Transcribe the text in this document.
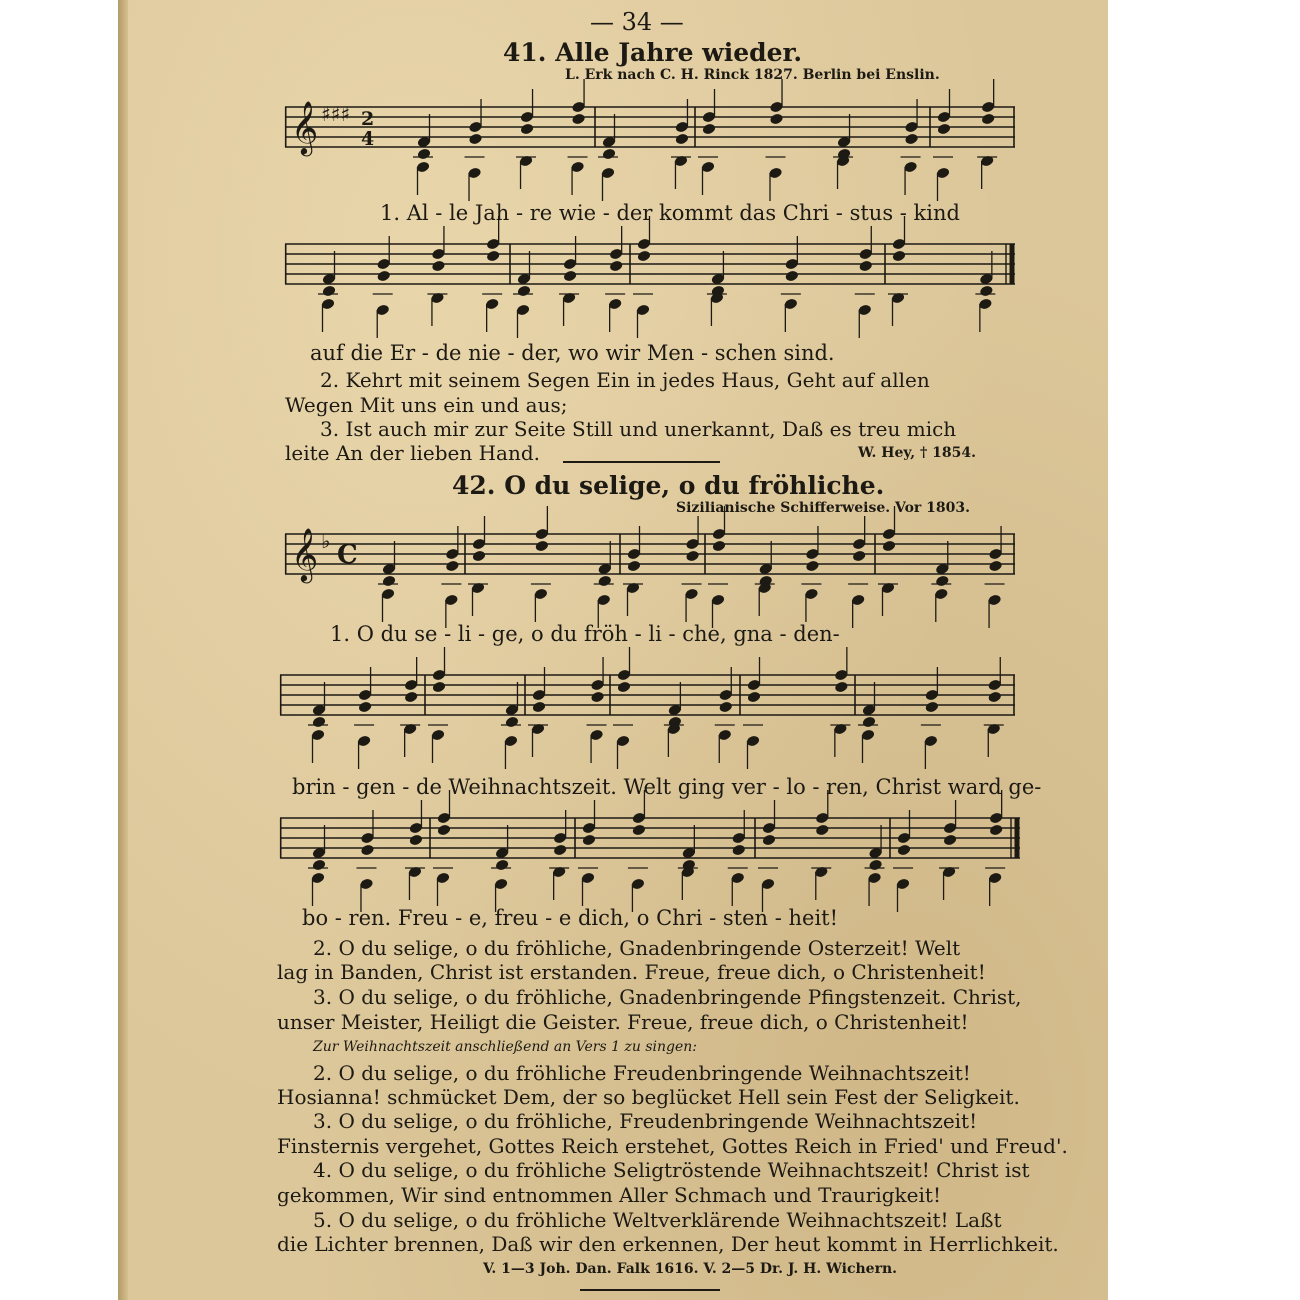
— 34 —
41. Alle Jahre wieder.
L. Erk nach C. H. Rinck 1827. Berlin bei Enslin.
𝄞 ♯♯♯ 2
4
1. Al - le Jah - re wie - der kommt das Chri - stus - kind
auf die Er - de nie - der, wo wir Men - schen sind.
2. Kehrt mit seinem Segen Ein in jedes Haus, Geht auf allen
Wegen Mit uns ein und aus;
3. Ist auch mir zur Seite Still und unerkannt, Daß es treu mich
leite An der lieben Hand.	W. Hey, † 1854.
42. O du selige, o du fröhliche.
Sizilianische Schifferweise. Vor 1803.
𝄞 ♭ C
1. O du se - li - ge, o du fröh - li - che, gna - den-
brin - gen - de Weihnachtszeit. Welt ging ver - lo - ren, Christ ward ge-
bo - ren. Freu - e, freu - e dich, o Chri - sten - heit!
2. O du selige, o du fröhliche, Gnadenbringende Osterzeit! Welt
lag in Banden, Christ ist erstanden. Freue, freue dich, o Christenheit!
3. O du selige, o du fröhliche, Gnadenbringende Pfingstenzeit. Christ,
unser Meister, Heiligt die Geister. Freue, freue dich, o Christenheit!
Zur Weihnachtszeit anschließend an Vers 1 zu singen:
2. O du selige, o du fröhliche Freudenbringende Weihnachtszeit!
Hosianna! schmücket Dem, der so beglücket Hell sein Fest der Seligkeit.
3. O du selige, o du fröhliche, Freudenbringende Weihnachtszeit!
Finsternis vergehet, Gottes Reich erstehet, Gottes Reich in Fried' und Freud'.
4. O du selige, o du fröhliche Seligtröstende Weihnachtszeit! Christ ist
gekommen, Wir sind entnommen Aller Schmach und Traurigkeit!
5. O du selige, o du fröhliche Weltverklärende Weihnachtszeit! Laßt
die Lichter brennen, Daß wir den erkennen, Der heut kommt in Herrlichkeit.
V. 1—3 Joh. Dan. Falk 1616. V. 2—5 Dr. J. H. Wichern.
